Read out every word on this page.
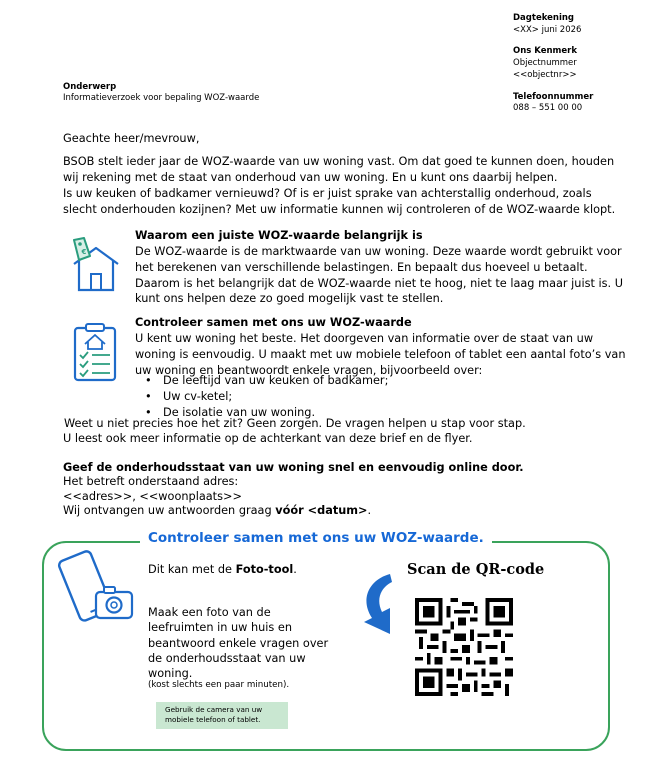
Dagtekening
<XX> juni 2026
Ons Kenmerk
Objectnummer
<<objectnr>>
Telefoonnummer
088 – 551 00 00
Onderwerp
Informatieverzoek voor bepaling WOZ-waarde
Geachte heer/mevrouw,
BSOB stelt ieder jaar de WOZ-waarde van uw woning vast. Om dat goed te kunnen doen, houden wij rekening met de staat van onderhoud van uw woning. En u kunt ons daarbij helpen.
Is uw keuken of badkamer vernieuwd? Of is er juist sprake van achterstallig onderhoud, zoals slecht onderhouden kozijnen? Met uw informatie kunnen wij controleren of de WOZ-waarde klopt.
€
Waarom een juiste WOZ-waarde belangrijk is
De WOZ-waarde is de marktwaarde van uw woning. Deze waarde wordt gebruikt voor het berekenen van verschillende belastingen. En bepaalt dus hoeveel u betaalt. Daarom is het belangrijk dat de WOZ-waarde niet te hoog, niet te laag maar juist is. U kunt ons helpen deze zo goed mogelijk vast te stellen.
Controleer samen met ons uw WOZ-waarde
U kent uw woning het beste. Het doorgeven van informatie over de staat van uw woning is eenvoudig. U maakt met uw mobiele telefoon of tablet een aantal foto’s van uw woning en beantwoordt enkele vragen, bijvoorbeeld over:
• De leeftijd van uw keuken of badkamer;
• Uw cv-ketel;
• De isolatie van uw woning.
Weet u niet precies hoe het zit? Geen zorgen. De vragen helpen u stap voor stap.
U leest ook meer informatie op de achterkant van deze brief en de flyer.
Geef de onderhoudsstaat van uw woning snel en eenvoudig online door.
Het betreft onderstaand adres:
<<adres>>, <<woonplaats>>
Wij ontvangen uw antwoorden graag vóór <datum>.
Controleer samen met ons uw WOZ-waarde.
Dit kan met de Foto-tool.
Maak een foto van de leefruimten in uw huis en beantwoord enkele vragen over de onderhoudsstaat van uw woning.
(kost slechts een paar minuten).
Gebruik de camera van uw mobiele telefoon of tablet.
Scan de QR-code
